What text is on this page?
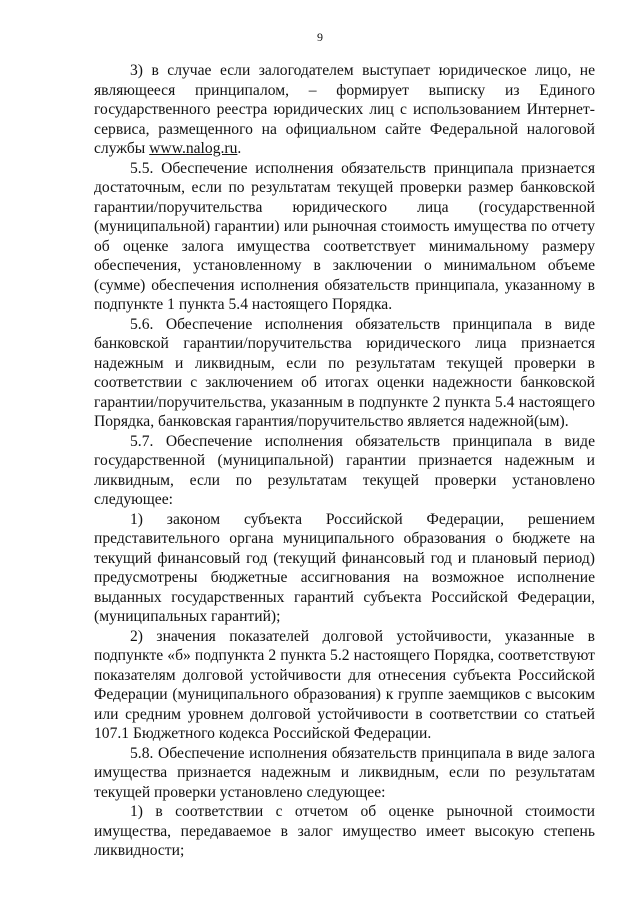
9

3) в случае если залогодателем выступает юридическое лицо, не являющееся принципалом, – формирует выписку из Единого государственного реестра юридических лиц с использованием Интернет-сервиса, размещенного на официальном сайте Федеральной налоговой службы www.nalog.ru.

5.5. Обеспечение исполнения обязательств принципала признается достаточным, если по результатам текущей проверки размер банковской гарантии/поручительства юридического лица (государственной (муниципальной) гарантии) или рыночная стоимость имущества по отчету об оценке залога имущества соответствует минимальному размеру обеспечения, установленному в заключении о минимальном объеме (сумме) обеспечения исполнения обязательств принципала, указанному в подпункте 1 пункта 5.4 настоящего Порядка.

5.6. Обеспечение исполнения обязательств принципала в виде банковской гарантии/поручительства юридического лица признается надежным и ликвидным, если по результатам текущей проверки в соответствии с заключением об итогах оценки надежности банковской гарантии/поручительства, указанным в подпункте 2 пункта 5.4 настоящего Порядка, банковская гарантия/поручительство является надежной(ым).

5.7. Обеспечение исполнения обязательств принципала в виде государственной (муниципальной) гарантии признается надежным и ликвидным, если по результатам текущей проверки установлено следующее:

1) законом субъекта Российской Федерации, решением представительного органа муниципального образования о бюджете на текущий финансовый год (текущий финансовый год и плановый период) предусмотрены бюджетные ассигнования на возможное исполнение выданных государственных гарантий субъекта Российской Федерации, (муниципальных гарантий);

2) значения показателей долговой устойчивости, указанные в подпункте «б» подпункта 2 пункта 5.2 настоящего Порядка, соответствуют показателям долговой устойчивости для отнесения субъекта Российской Федерации (муниципального образования) к группе заемщиков с высоким или средним уровнем долговой устойчивости в соответствии со статьей 107.1 Бюджетного кодекса Российской Федерации.

5.8. Обеспечение исполнения обязательств принципала в виде залога имущества признается надежным и ликвидным, если по результатам текущей проверки установлено следующее:

1) в соответствии с отчетом об оценке рыночной стоимости имущества, передаваемое в залог имущество имеет высокую степень ликвидности;
